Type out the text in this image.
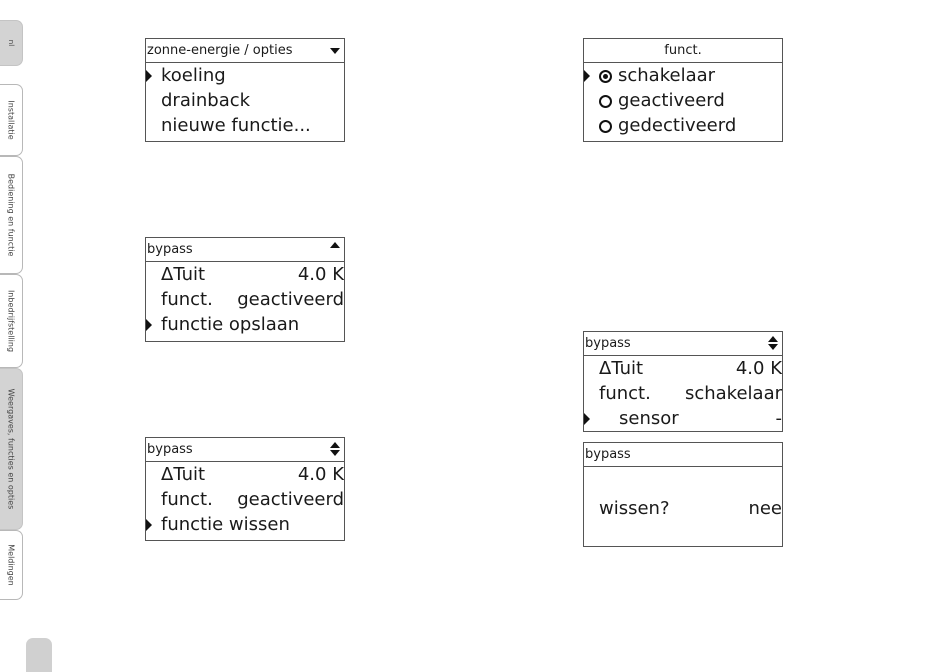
nl
Installatie
Bediening en functie
Inbedrijfstelling
Weergaves, functies en opties
Meldingen
zonne-energie / opties
koeling
drainback
nieuwe functie...
funct.
schakelaar
geactiveerd
gedectiveerd
bypass
ΔTuit	4.0 K
funct. geactiveerd
functie opslaan
bypass
ΔTuit	4.0 K
funct. schakelaar
sensor	-
bypass
ΔTuit	4.0 K
funct. geactiveerd
functie wissen
bypass
wissen?	nee
